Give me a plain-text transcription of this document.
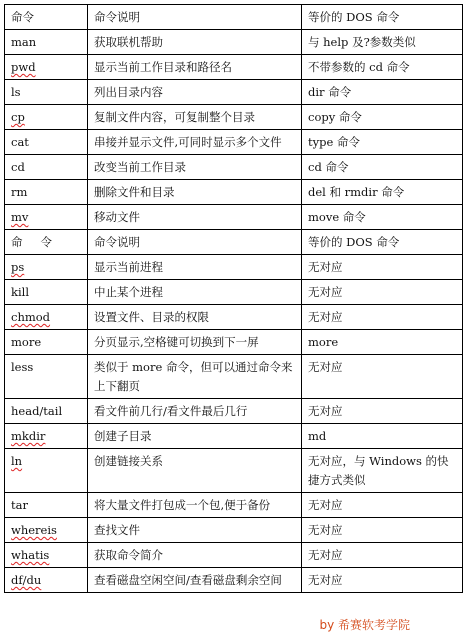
命令	命令说明	等价的 DOS 命令
man	获取联机帮助	与 help 及?参数类似
pwd	显示当前工作目录和路径名	不带参数的 cd 命令
ls	列出目录内容	dir 命令
cp	复制文件内容，可复制整个目录	copy 命令
cat	串接并显示文件,可同时显示多个文件	type 命令
cd	改变当前工作目录	cd 命令
rm	删除文件和目录	del 和 rmdir 命令
mv	移动文件	move 命令
命令	命令说明	等价的 DOS 命令
ps	显示当前进程	无对应
kill	中止某个进程	无对应
chmod	设置文件、目录的权限	无对应
more	分页显示,空格键可切换到下一屏	more
less	类似于 more 命令，但可以通过命令来上下翻页	无对应
head/tail	看文件前几行/看文件最后几行	无对应
mkdir	创建子目录	md
ln	创建链接关系	无对应，与 Windows 的快捷方式类似
tar	将大量文件打包成一个包,便于备份	无对应
whereis	查找文件	无对应
whatis	获取命令简介	无对应
df/du	查看磁盘空闲空间/查看磁盘剩余空间	无对应
by 希赛软考学院
